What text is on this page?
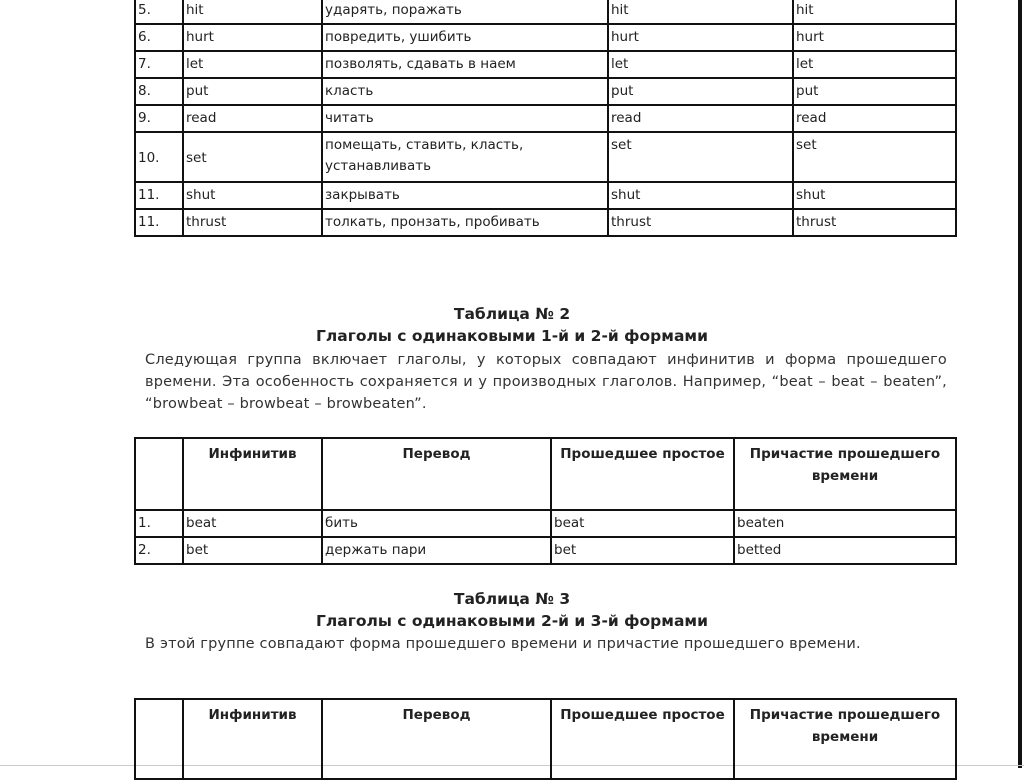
5.	hit	ударять, поражать	hit	hit
6.	hurt	повредить, ушибить	hurt	hurt
7.	let	позволять, сдавать в наем	let	let
8.	put	класть	put	put
9.	read	читать	read	read
10.	set	помещать, ставить, класть, устанавливать	set	set
11.	shut	закрывать	shut	shut
11.	thrust	толкать, пронзать, пробивать	thrust	thrust
Таблица № 2
Глаголы с одинаковыми 1-й и 2-й формами
Следующая группа включает глаголы, у которых совпадают инфинитив и форма прошедшего времени. Эта особенность сохраняется и у производных глаголов. Например, “beat – beat – beaten”, “browbeat – browbeat – browbeaten”.
	Инфинитив	Перевод	Прошедшее простое	Причастие прошедшего времени
1.	beat	бить	beat	beaten
2.	bet	держать пари	bet	betted
Таблица № 3
Глаголы с одинаковыми 2-й и 3-й формами
В этой группе совпадают форма прошедшего времени и причастие прошедшего времени.
	Инфинитив	Перевод	Прошедшее простое	Причастие прошедшего времени
